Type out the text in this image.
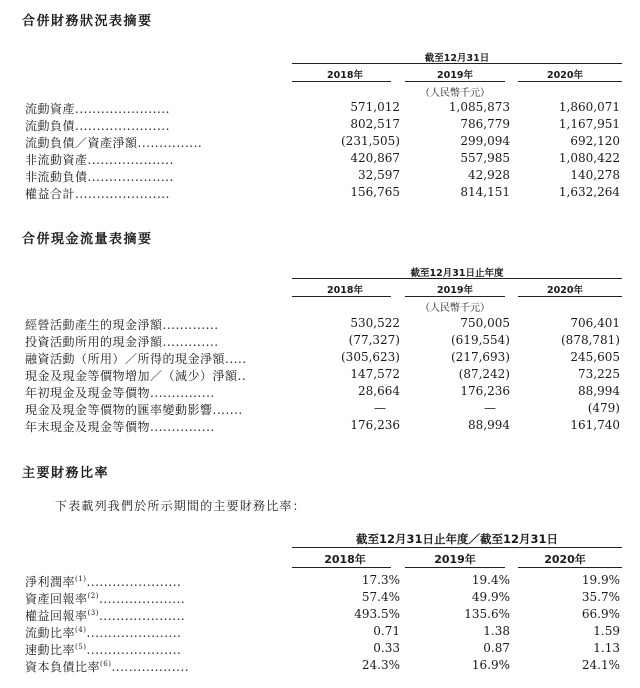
合併財務狀況表摘要
截至12月31日
2018年	2019年	2020年
（人民幣千元）
流動資產......................	571,012	1,085,873	1,860,071
流動負債......................	802,517	786,779	1,167,951
流動負債／資產淨額...............	(231,505)	299,094	692,120
非流動資產....................	420,867	557,985	1,080,422
非流動負債....................	32,597	42,928	140,278
權益合計......................	156,765	814,151	1,632,264
合併現金流量表摘要
截至12月31日止年度
2018年	2019年	2020年
（人民幣千元）
經營活動產生的現金淨額.............	530,522	750,005	706,401
投資活動所用的現金淨額.............	(77,327)	(619,554)	(878,781)
融資活動（所用）／所得的現金淨額.....	(305,623)	(217,693)	245,605
現金及現金等價物增加／（減少）淨額..	147,572	(87,242)	73,225
年初現金及現金等價物...............	28,664	176,236	88,994
現金及現金等價物的匯率變動影響.......	—	—	(479)
年末現金及現金等價物...............	176,236	88,994	161,740
主要財務比率
下表載列我們於所示期間的主要財務比率：
截至12月31日止年度／截至12月31日
2018年	2019年	2020年
淨利潤率$^{(1)}$......................	17.3%	19.4%	19.9%
資產回報率$^{(2)}$....................	57.4%	49.9%	35.7%
權益回報率$^{(3)}$....................	493.5%	135.6%	66.9%
流動比率$^{(4)}$......................	0.71	1.38	1.59
速動比率$^{(5)}$......................	0.33	0.87	1.13
資本負債比率$^{(6)}$..................	24.3%	16.9%	24.1%
